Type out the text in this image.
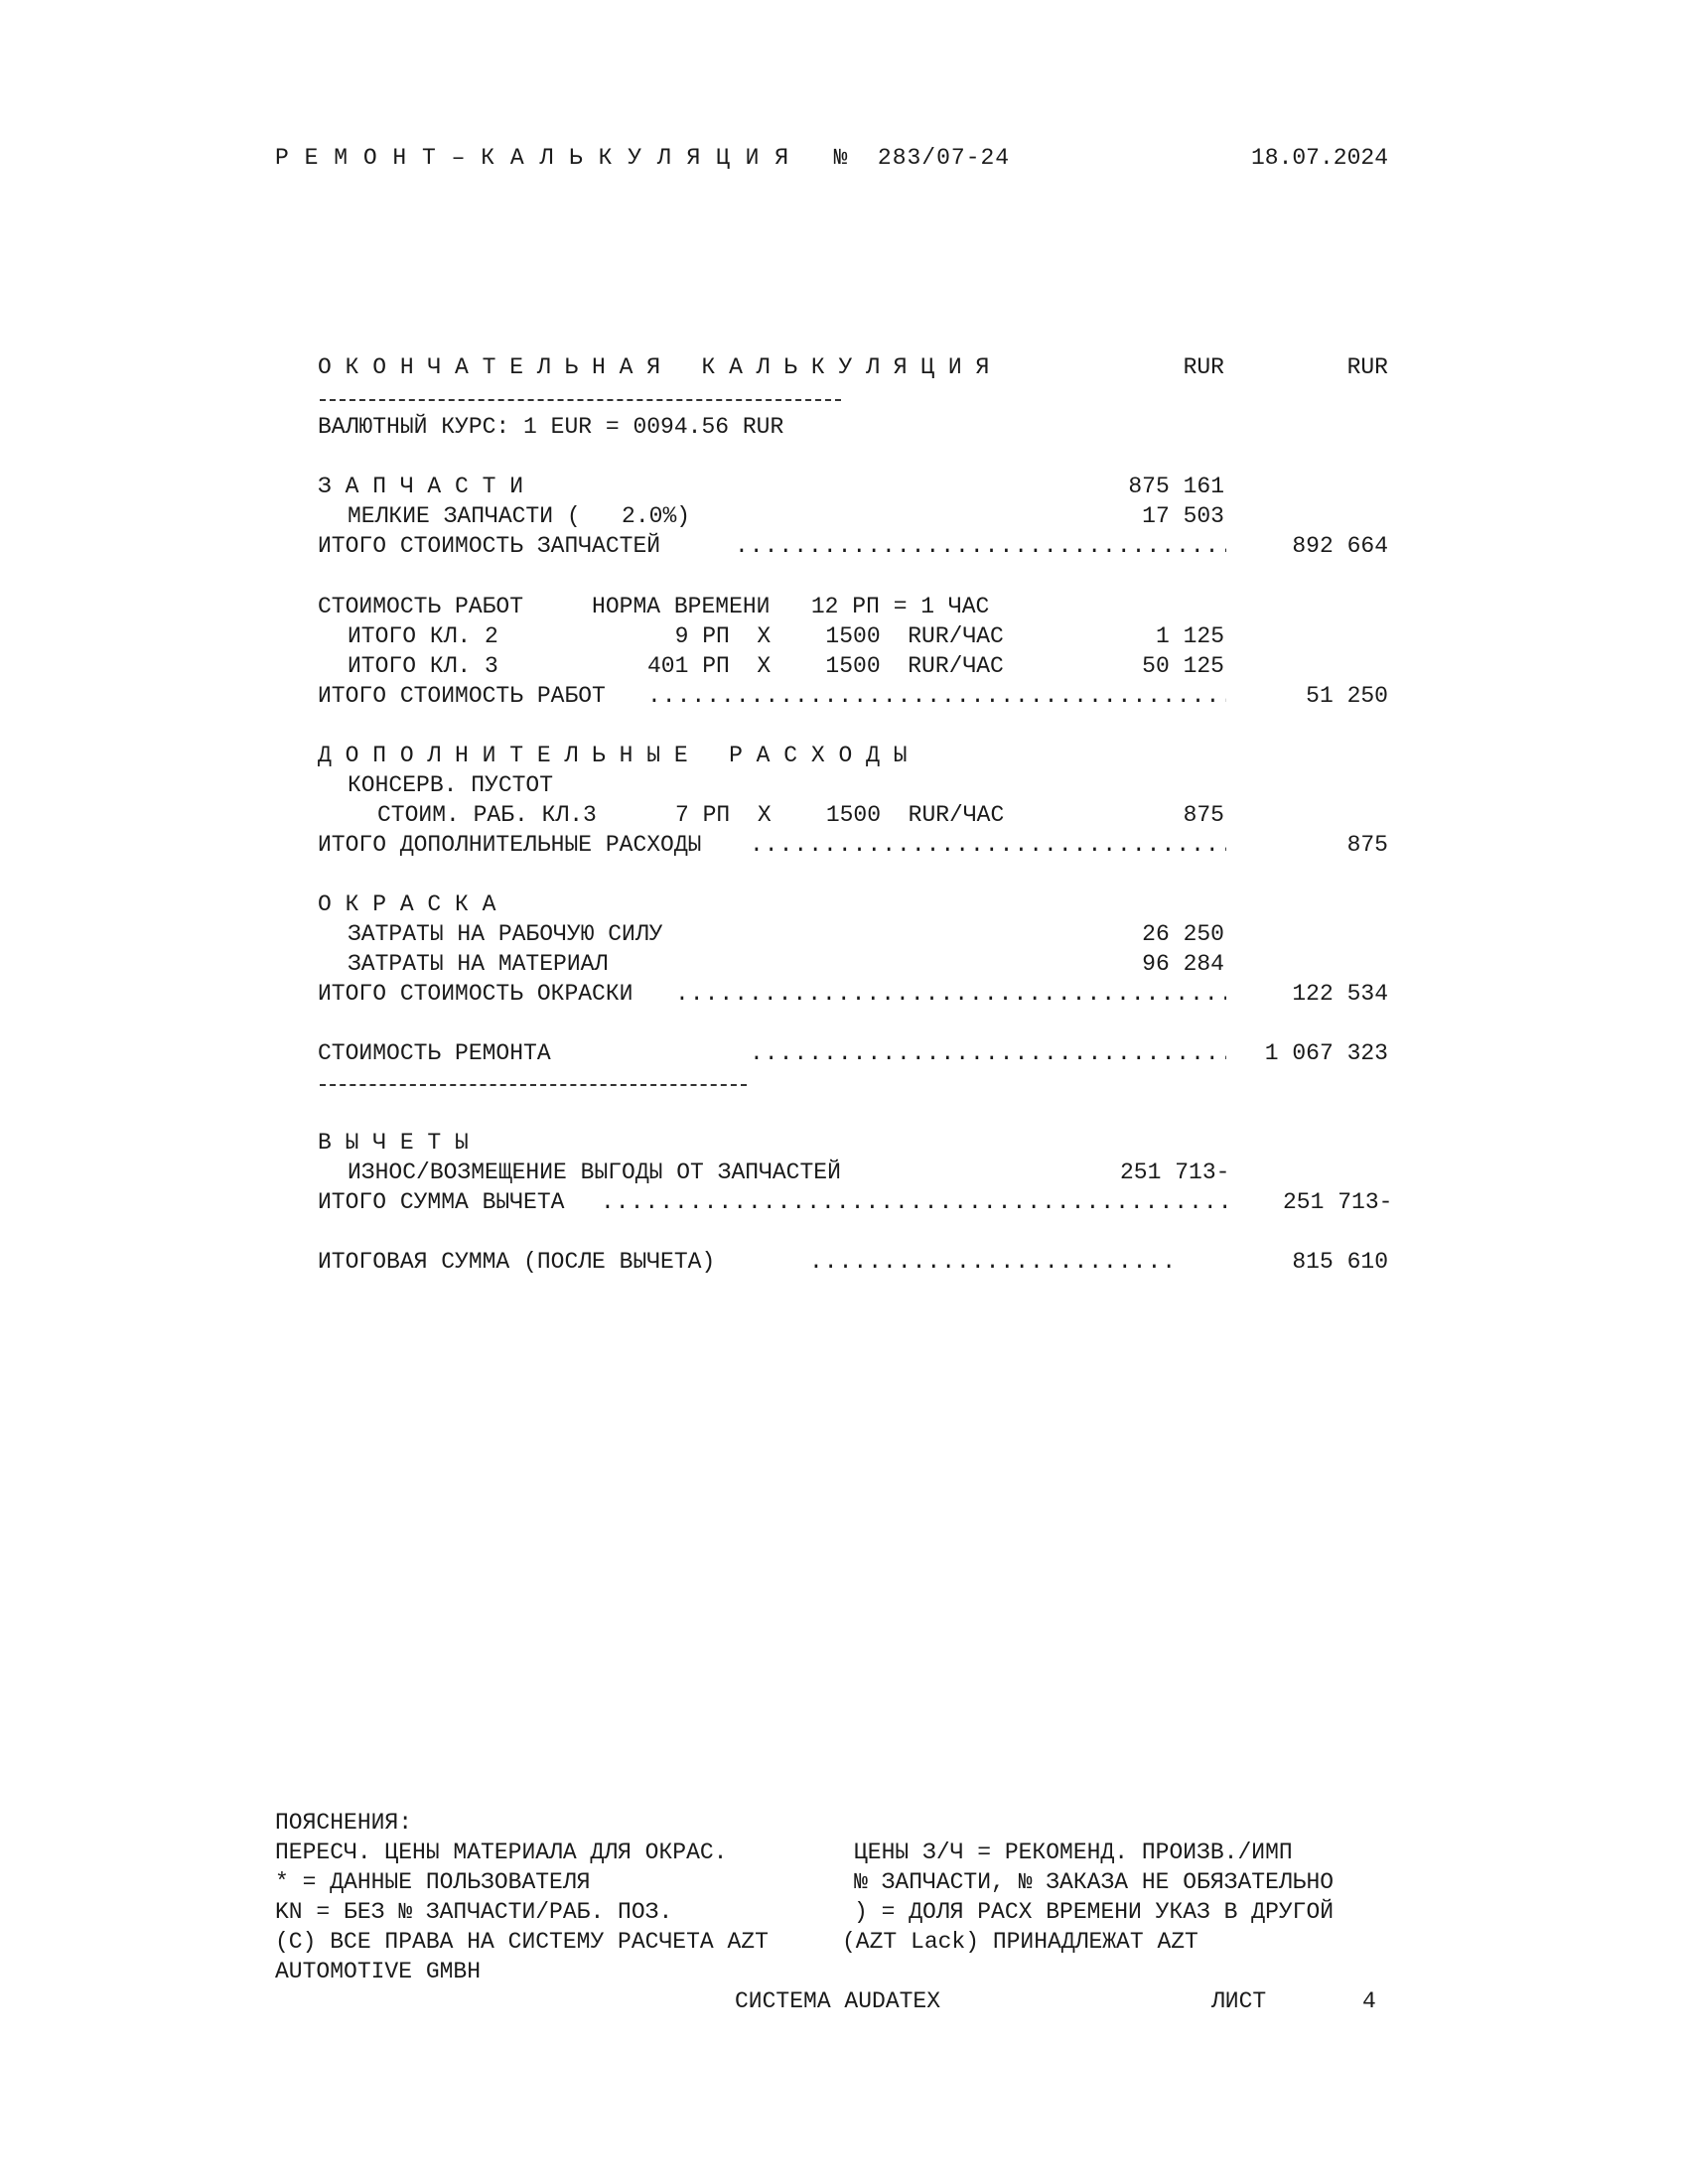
Р Е М О Н Т – К А Л Ь К У Л Я Ц И Я   №  283/07-24	18.07.2024
О К О Н Ч А Т Е Л Ь Н А Я   К А Л Ь К У Л Я Ц И Я	RUR	RUR
ВАЛЮТНЫЙ КУРС: 1 EUR = 0094.56 RUR
З А П Ч А С Т И	875 161
МЕЛКИЕ ЗАПЧАСТИ (   2.0%)	17 503
ИТОГО СТОИМОСТЬ ЗАПЧАСТЕЙ .....	892 664
СТОИМОСТЬ РАБОТ     НОРМА ВРЕМЕНИ   12 РП = 1 ЧАС
ИТОГО КЛ. 2	9 РП  X    1500  RUR/ЧАС	1 125
ИТОГО КЛ. 3	401 РП  X    1500  RUR/ЧАС	50 125
ИТОГО СТОИМОСТЬ РАБОТ .....	51 250
Д О П О Л Н И Т Е Л Ь Н Ы Е   Р А С Х О Д Ы
КОНСЕРВ. ПУСТОТ
СТОИМ. РАБ. КЛ.3	7 РП  X    1500  RUR/ЧАС	875
ИТОГО ДОПОЛНИТЕЛЬНЫЕ РАСХОДЫ .....	875
О К Р А С К А
ЗАТРАТЫ НА РАБОЧУЮ СИЛУ	26 250
ЗАТРАТЫ НА МАТЕРИАЛ	96 284
ИТОГО СТОИМОСТЬ ОКРАСКИ .....	122 534
СТОИМОСТЬ РЕМОНТА .....	1 067 323
В Ы Ч Е Т Ы
ИЗНОС/ВОЗМЕЩЕНИЕ ВЫГОДЫ ОТ ЗАПЧАСТЕЙ	251 713-
ИТОГО СУММА ВЫЧЕТА .....	251 713-
ИТОГОВАЯ СУММА (ПОСЛЕ ВЫЧЕТА) .....	815 610
ПОЯСНЕНИЯ:
ПЕРЕСЧ. ЦЕНЫ МАТЕРИАЛА ДЛЯ ОКРАС.	ЦЕНЫ З/Ч = РЕКОМЕНД. ПРОИЗВ./ИМП
* = ДАННЫЕ ПОЛЬЗОВАТЕЛЯ	№ ЗАПЧАСТИ, № ЗАКАЗА НЕ ОБЯЗАТЕЛЬНО
KN = БЕЗ № ЗАПЧАСТИ/РАБ. ПОЗ.	) = ДОЛЯ РАСХ ВРЕМЕНИ УКАЗ В ДРУГОЙ
(C) ВСЕ ПРАВА НА СИСТЕМУ РАСЧЕТА AZT	(AZT Lack) ПРИНАДЛЕЖАТ AZT
AUTOMOTIVE GMBH
СИСТЕМА AUDATEX	ЛИСТ	4
